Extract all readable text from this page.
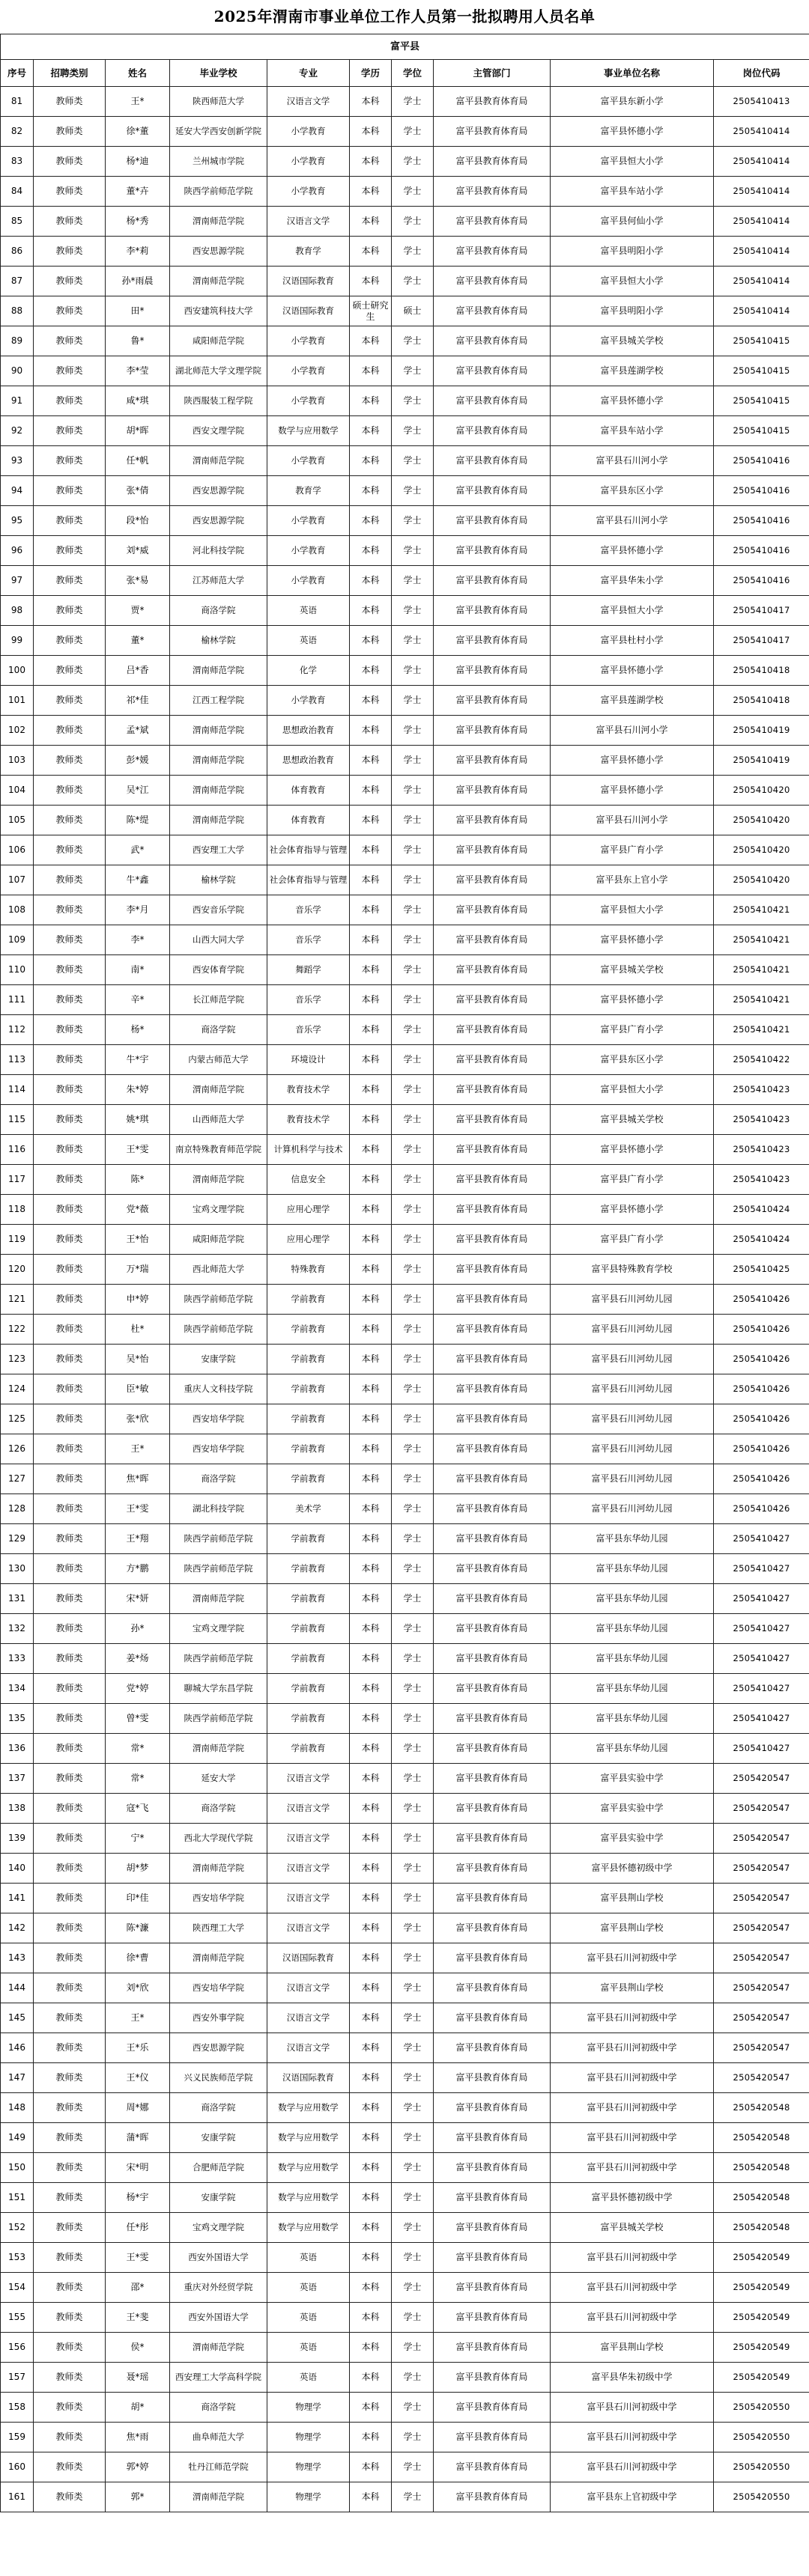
2025年渭南市事业单位工作人员第一批拟聘用人员名单
富平县									
序号	招聘类别	姓名	毕业学校	专业	学历	学位	主管部门	事业单位名称	岗位代码
81	教师类	王*	陕西师范大学	汉语言文学	本科	学士	富平县教育体育局	富平县东新小学	2505410413
82	教师类	徐*董	延安大学西安创新学院	小学教育	本科	学士	富平县教育体育局	富平县怀德小学	2505410414
83	教师类	杨*迪	兰州城市学院	小学教育	本科	学士	富平县教育体育局	富平县恒大小学	2505410414
84	教师类	董*卉	陕西学前师范学院	小学教育	本科	学士	富平县教育体育局	富平县车站小学	2505410414
85	教师类	杨*秀	渭南师范学院	汉语言文学	本科	学士	富平县教育体育局	富平县何仙小学	2505410414
86	教师类	李*莉	西安思源学院	教育学	本科	学士	富平县教育体育局	富平县明阳小学	2505410414
87	教师类	孙*雨晨	渭南师范学院	汉语国际教育	本科	学士	富平县教育体育局	富平县恒大小学	2505410414
88	教师类	田*	西安建筑科技大学	汉语国际教育	硕士研究生	硕士	富平县教育体育局	富平县明阳小学	2505410414
89	教师类	鲁*	咸阳师范学院	小学教育	本科	学士	富平县教育体育局	富平县城关学校	2505410415
90	教师类	李*莹	湖北师范大学文理学院	小学教育	本科	学士	富平县教育体育局	富平县莲湖学校	2505410415
91	教师类	咸*琪	陕西服装工程学院	小学教育	本科	学士	富平县教育体育局	富平县怀德小学	2505410415
92	教师类	胡*晖	西安文理学院	数学与应用数学	本科	学士	富平县教育体育局	富平县车站小学	2505410415
93	教师类	任*帆	渭南师范学院	小学教育	本科	学士	富平县教育体育局	富平县石川河小学	2505410416
94	教师类	张*倩	西安思源学院	教育学	本科	学士	富平县教育体育局	富平县东区小学	2505410416
95	教师类	段*怡	西安思源学院	小学教育	本科	学士	富平县教育体育局	富平县石川河小学	2505410416
96	教师类	刘*威	河北科技学院	小学教育	本科	学士	富平县教育体育局	富平县怀德小学	2505410416
97	教师类	张*易	江苏师范大学	小学教育	本科	学士	富平县教育体育局	富平县华朱小学	2505410416
98	教师类	贾*	商洛学院	英语	本科	学士	富平县教育体育局	富平县恒大小学	2505410417
99	教师类	董*	榆林学院	英语	本科	学士	富平县教育体育局	富平县杜村小学	2505410417
100	教师类	吕*香	渭南师范学院	化学	本科	学士	富平县教育体育局	富平县怀德小学	2505410418
101	教师类	祁*佳	江西工程学院	小学教育	本科	学士	富平县教育体育局	富平县莲湖学校	2505410418
102	教师类	孟*斌	渭南师范学院	思想政治教育	本科	学士	富平县教育体育局	富平县石川河小学	2505410419
103	教师类	彭*媛	渭南师范学院	思想政治教育	本科	学士	富平县教育体育局	富平县怀德小学	2505410419
104	教师类	吴*江	渭南师范学院	体育教育	本科	学士	富平县教育体育局	富平县怀德小学	2505410420
105	教师类	陈*缇	渭南师范学院	体育教育	本科	学士	富平县教育体育局	富平县石川河小学	2505410420
106	教师类	武*	西安理工大学	社会体育指导与管理	本科	学士	富平县教育体育局	富平县广育小学	2505410420
107	教师类	牛*鑫	榆林学院	社会体育指导与管理	本科	学士	富平县教育体育局	富平县东上官小学	2505410420
108	教师类	李*月	西安音乐学院	音乐学	本科	学士	富平县教育体育局	富平县恒大小学	2505410421
109	教师类	李*	山西大同大学	音乐学	本科	学士	富平县教育体育局	富平县怀德小学	2505410421
110	教师类	南*	西安体育学院	舞蹈学	本科	学士	富平县教育体育局	富平县城关学校	2505410421
111	教师类	辛*	长江师范学院	音乐学	本科	学士	富平县教育体育局	富平县怀德小学	2505410421
112	教师类	杨*	商洛学院	音乐学	本科	学士	富平县教育体育局	富平县广育小学	2505410421
113	教师类	牛*宇	内蒙古师范大学	环境设计	本科	学士	富平县教育体育局	富平县东区小学	2505410422
114	教师类	朱*婷	渭南师范学院	教育技术学	本科	学士	富平县教育体育局	富平县恒大小学	2505410423
115	教师类	姚*琪	山西师范大学	教育技术学	本科	学士	富平县教育体育局	富平县城关学校	2505410423
116	教师类	王*雯	南京特殊教育师范学院	计算机科学与技术	本科	学士	富平县教育体育局	富平县怀德小学	2505410423
117	教师类	陈*	渭南师范学院	信息安全	本科	学士	富平县教育体育局	富平县广育小学	2505410423
118	教师类	党*薇	宝鸡文理学院	应用心理学	本科	学士	富平县教育体育局	富平县怀德小学	2505410424
119	教师类	王*怡	咸阳师范学院	应用心理学	本科	学士	富平县教育体育局	富平县广育小学	2505410424
120	教师类	万*瑞	西北师范大学	特殊教育	本科	学士	富平县教育体育局	富平县特殊教育学校	2505410425
121	教师类	申*婷	陕西学前师范学院	学前教育	本科	学士	富平县教育体育局	富平县石川河幼儿园	2505410426
122	教师类	杜*	陕西学前师范学院	学前教育	本科	学士	富平县教育体育局	富平县石川河幼儿园	2505410426
123	教师类	吴*怡	安康学院	学前教育	本科	学士	富平县教育体育局	富平县石川河幼儿园	2505410426
124	教师类	臣*敏	重庆人文科技学院	学前教育	本科	学士	富平县教育体育局	富平县石川河幼儿园	2505410426
125	教师类	张*欣	西安培华学院	学前教育	本科	学士	富平县教育体育局	富平县石川河幼儿园	2505410426
126	教师类	王*	西安培华学院	学前教育	本科	学士	富平县教育体育局	富平县石川河幼儿园	2505410426
127	教师类	焦*晖	商洛学院	学前教育	本科	学士	富平县教育体育局	富平县石川河幼儿园	2505410426
128	教师类	王*雯	湖北科技学院	美术学	本科	学士	富平县教育体育局	富平县石川河幼儿园	2505410426
129	教师类	王*翔	陕西学前师范学院	学前教育	本科	学士	富平县教育体育局	富平县东华幼儿园	2505410427
130	教师类	方*鹏	陕西学前师范学院	学前教育	本科	学士	富平县教育体育局	富平县东华幼儿园	2505410427
131	教师类	宋*妍	渭南师范学院	学前教育	本科	学士	富平县教育体育局	富平县东华幼儿园	2505410427
132	教师类	孙*	宝鸡文理学院	学前教育	本科	学士	富平县教育体育局	富平县东华幼儿园	2505410427
133	教师类	姜*炀	陕西学前师范学院	学前教育	本科	学士	富平县教育体育局	富平县东华幼儿园	2505410427
134	教师类	党*婷	聊城大学东昌学院	学前教育	本科	学士	富平县教育体育局	富平县东华幼儿园	2505410427
135	教师类	曾*雯	陕西学前师范学院	学前教育	本科	学士	富平县教育体育局	富平县东华幼儿园	2505410427
136	教师类	常*	渭南师范学院	学前教育	本科	学士	富平县教育体育局	富平县东华幼儿园	2505410427
137	教师类	常*	延安大学	汉语言文学	本科	学士	富平县教育体育局	富平县实验中学	2505420547
138	教师类	寇*飞	商洛学院	汉语言文学	本科	学士	富平县教育体育局	富平县实验中学	2505420547
139	教师类	宁*	西北大学现代学院	汉语言文学	本科	学士	富平县教育体育局	富平县实验中学	2505420547
140	教师类	胡*梦	渭南师范学院	汉语言文学	本科	学士	富平县教育体育局	富平县怀德初级中学	2505420547
141	教师类	印*佳	西安培华学院	汉语言文学	本科	学士	富平县教育体育局	富平县荆山学校	2505420547
142	教师类	陈*濂	陕西理工大学	汉语言文学	本科	学士	富平县教育体育局	富平县荆山学校	2505420547
143	教师类	徐*曹	渭南师范学院	汉语国际教育	本科	学士	富平县教育体育局	富平县石川河初级中学	2505420547
144	教师类	刘*欣	西安培华学院	汉语言文学	本科	学士	富平县教育体育局	富平县荆山学校	2505420547
145	教师类	王*	西安外事学院	汉语言文学	本科	学士	富平县教育体育局	富平县石川河初级中学	2505420547
146	教师类	王*乐	西安思源学院	汉语言文学	本科	学士	富平县教育体育局	富平县石川河初级中学	2505420547
147	教师类	王*仪	兴义民族师范学院	汉语国际教育	本科	学士	富平县教育体育局	富平县石川河初级中学	2505420547
148	教师类	周*娜	商洛学院	数学与应用数学	本科	学士	富平县教育体育局	富平县石川河初级中学	2505420548
149	教师类	蒲*晖	安康学院	数学与应用数学	本科	学士	富平县教育体育局	富平县石川河初级中学	2505420548
150	教师类	宋*明	合肥师范学院	数学与应用数学	本科	学士	富平县教育体育局	富平县石川河初级中学	2505420548
151	教师类	杨*宇	安康学院	数学与应用数学	本科	学士	富平县教育体育局	富平县怀德初级中学	2505420548
152	教师类	任*彤	宝鸡文理学院	数学与应用数学	本科	学士	富平县教育体育局	富平县城关学校	2505420548
153	教师类	王*雯	西安外国语大学	英语	本科	学士	富平县教育体育局	富平县石川河初级中学	2505420549
154	教师类	邵*	重庆对外经贸学院	英语	本科	学士	富平县教育体育局	富平县石川河初级中学	2505420549
155	教师类	王*斐	西安外国语大学	英语	本科	学士	富平县教育体育局	富平县石川河初级中学	2505420549
156	教师类	侯*	渭南师范学院	英语	本科	学士	富平县教育体育局	富平县荆山学校	2505420549
157	教师类	聂*瑶	西安理工大学高科学院	英语	本科	学士	富平县教育体育局	富平县华朱初级中学	2505420549
158	教师类	胡*	商洛学院	物理学	本科	学士	富平县教育体育局	富平县石川河初级中学	2505420550
159	教师类	焦*雨	曲阜师范大学	物理学	本科	学士	富平县教育体育局	富平县石川河初级中学	2505420550
160	教师类	郭*婷	牡丹江师范学院	物理学	本科	学士	富平县教育体育局	富平县石川河初级中学	2505420550
161	教师类	郭*	渭南师范学院	物理学	本科	学士	富平县教育体育局	富平县东上官初级中学	2505420550
